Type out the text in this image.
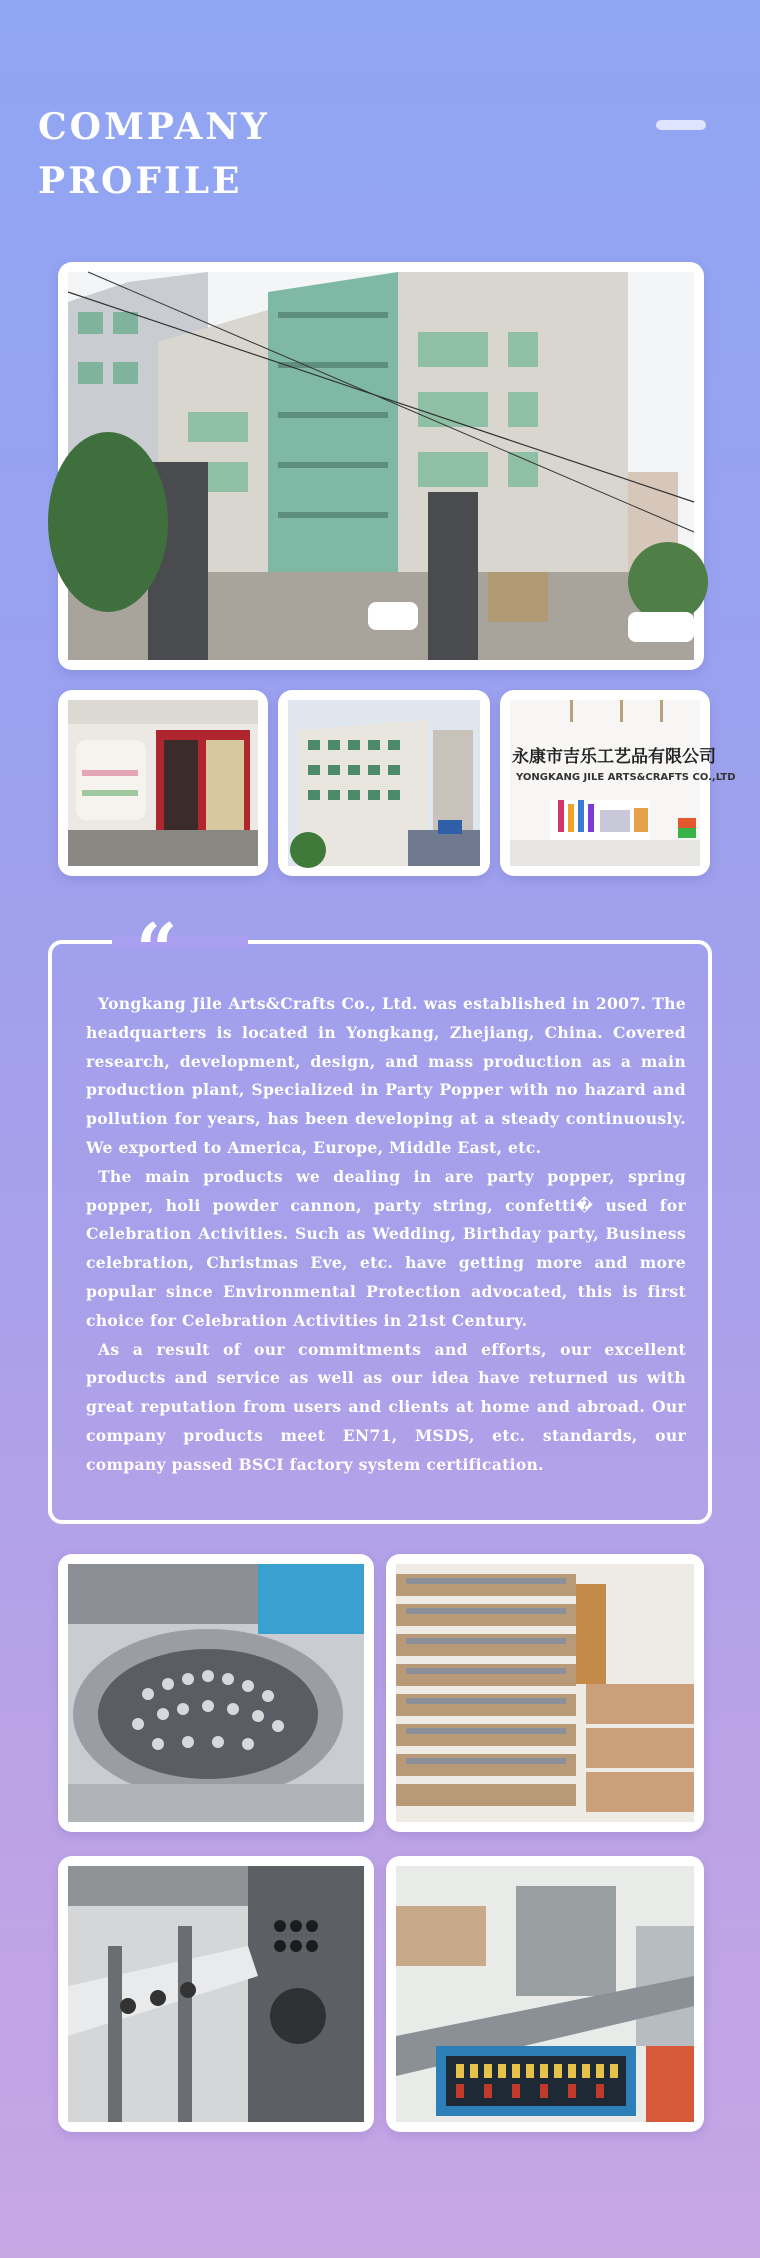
COMPANY
PROFILE
永康市吉乐工艺品有限公司
YONGKANG JILE ARTS&CRAFTS CO.,LTD
“

Yongkang Jile Arts&Crafts Co., Ltd. was established in 2007. The headquarters is located in Yongkang, Zhejiang, China. Covered research, development, design, and mass production as a main production plant, Specialized in Party Popper with no hazard and pollution for years, has been developing at a steady continuously. We exported to America, Europe, Middle East, etc.

The main products we dealing in are party popper, spring popper, holi powder cannon, party string, confetti� used for Celebration Activities. Such as Wedding, Birthday party, Business celebration, Christmas Eve, etc. have getting more and more popular since Environmental Protection advocated, this is first choice for Celebration Activities in 21st Century.

As a result of our commitments and efforts, our excellent products and service as well as our idea have returned us with great reputation from users and clients at home and abroad. Our company products meet EN71, MSDS, etc. standards, our company passed BSCI factory system certification.
